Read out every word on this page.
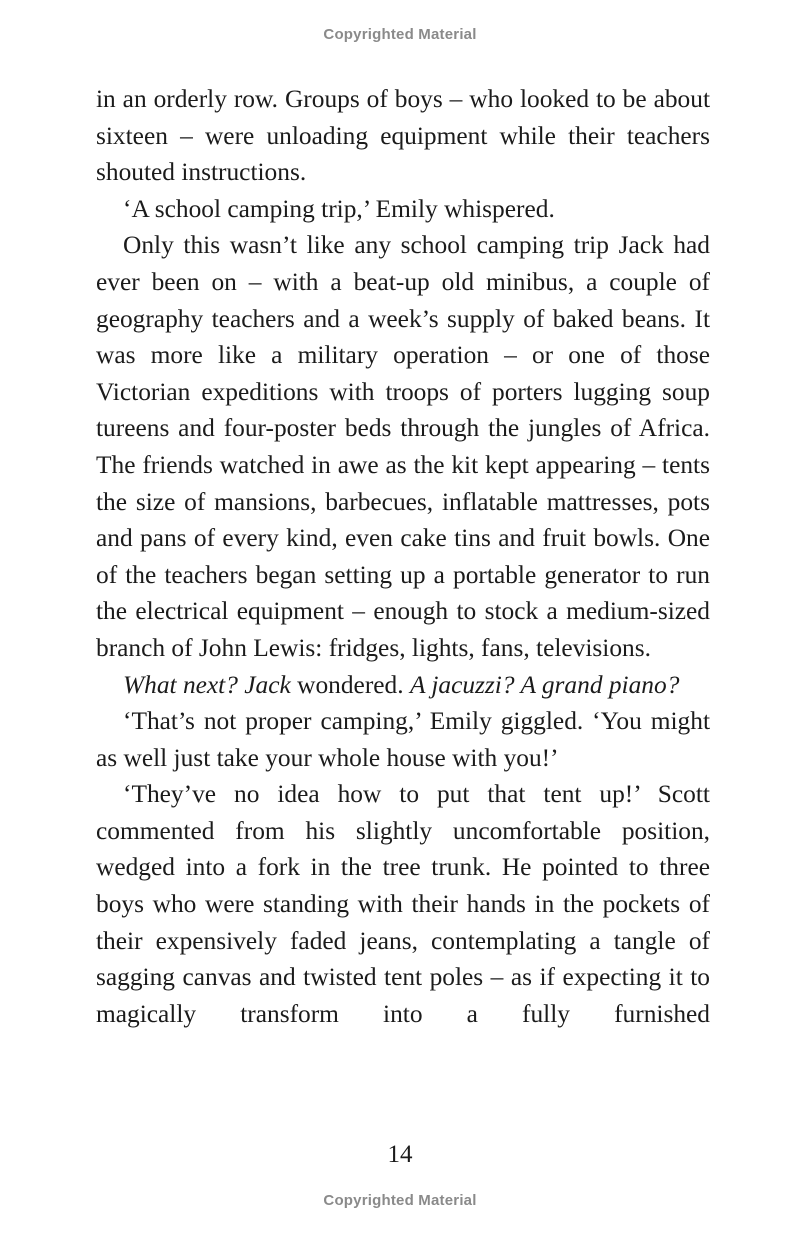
Copyrighted Material

in an orderly row. Groups of boys – who looked to be about sixteen – were unloading equipment while their teachers shouted instructions.

‘A school camping trip,’ Emily whispered.

Only this wasn’t like any school camping trip Jack had ever been on – with a beat-up old minibus, a couple of geography teachers and a week’s supply of baked beans. It was more like a military operation – or one of those Victorian expeditions with troops of porters lugging soup tureens and four-poster beds through the jungles of Africa. The friends watched in awe as the kit kept appearing – tents the size of mansions, barbecues, inflatable mattresses, pots and pans of every kind, even cake tins and fruit bowls. One of the teachers began setting up a portable generator to run the electrical equipment – enough to stock a medium-sized branch of John Lewis: fridges, lights, fans, televisions.

What next? Jack wondered. A jacuzzi? A grand piano?

‘That’s not proper camping,’ Emily giggled. ‘You might as well just take your whole house with you!’

‘They’ve no idea how to put that tent up!’ Scott commented from his slightly uncomfortable position, wedged into a fork in the tree trunk. He pointed to three boys who were standing with their hands in the pockets of their expensively faded jeans, contemplating a tangle of sagging canvas and twisted tent poles – as if expecting it to magically transform into a fully furnished

14
Copyrighted Material
